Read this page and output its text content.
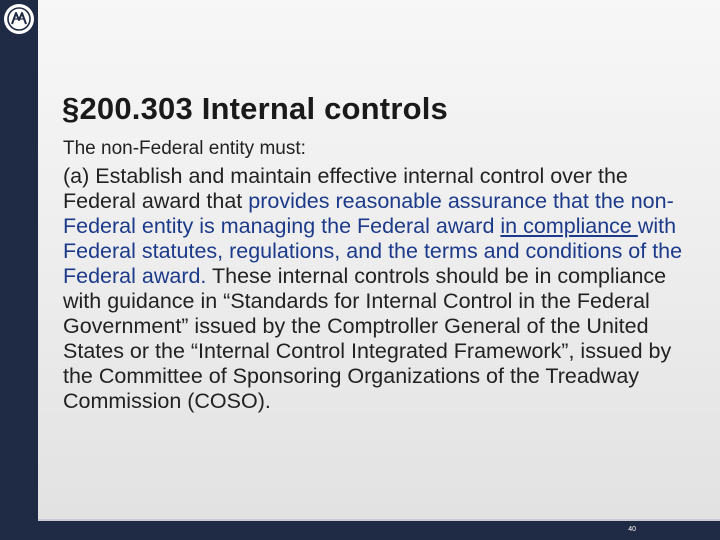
§200.303 Internal controls
The non-Federal entity must:

(a) Establish and maintain effective internal control over the Federal award that provides reasonable assurance that the non-Federal entity is managing the Federal award in compliance with Federal statutes, regulations, and the terms and conditions of the Federal award. These internal controls should be in compliance with guidance in “Standards for Internal Control in the Federal Government” issued by the Comptroller General of the United States or the “Internal Control Integrated Framework”, issued by the Committee of Sponsoring Organizations of the Treadway Commission (COSO).

40
